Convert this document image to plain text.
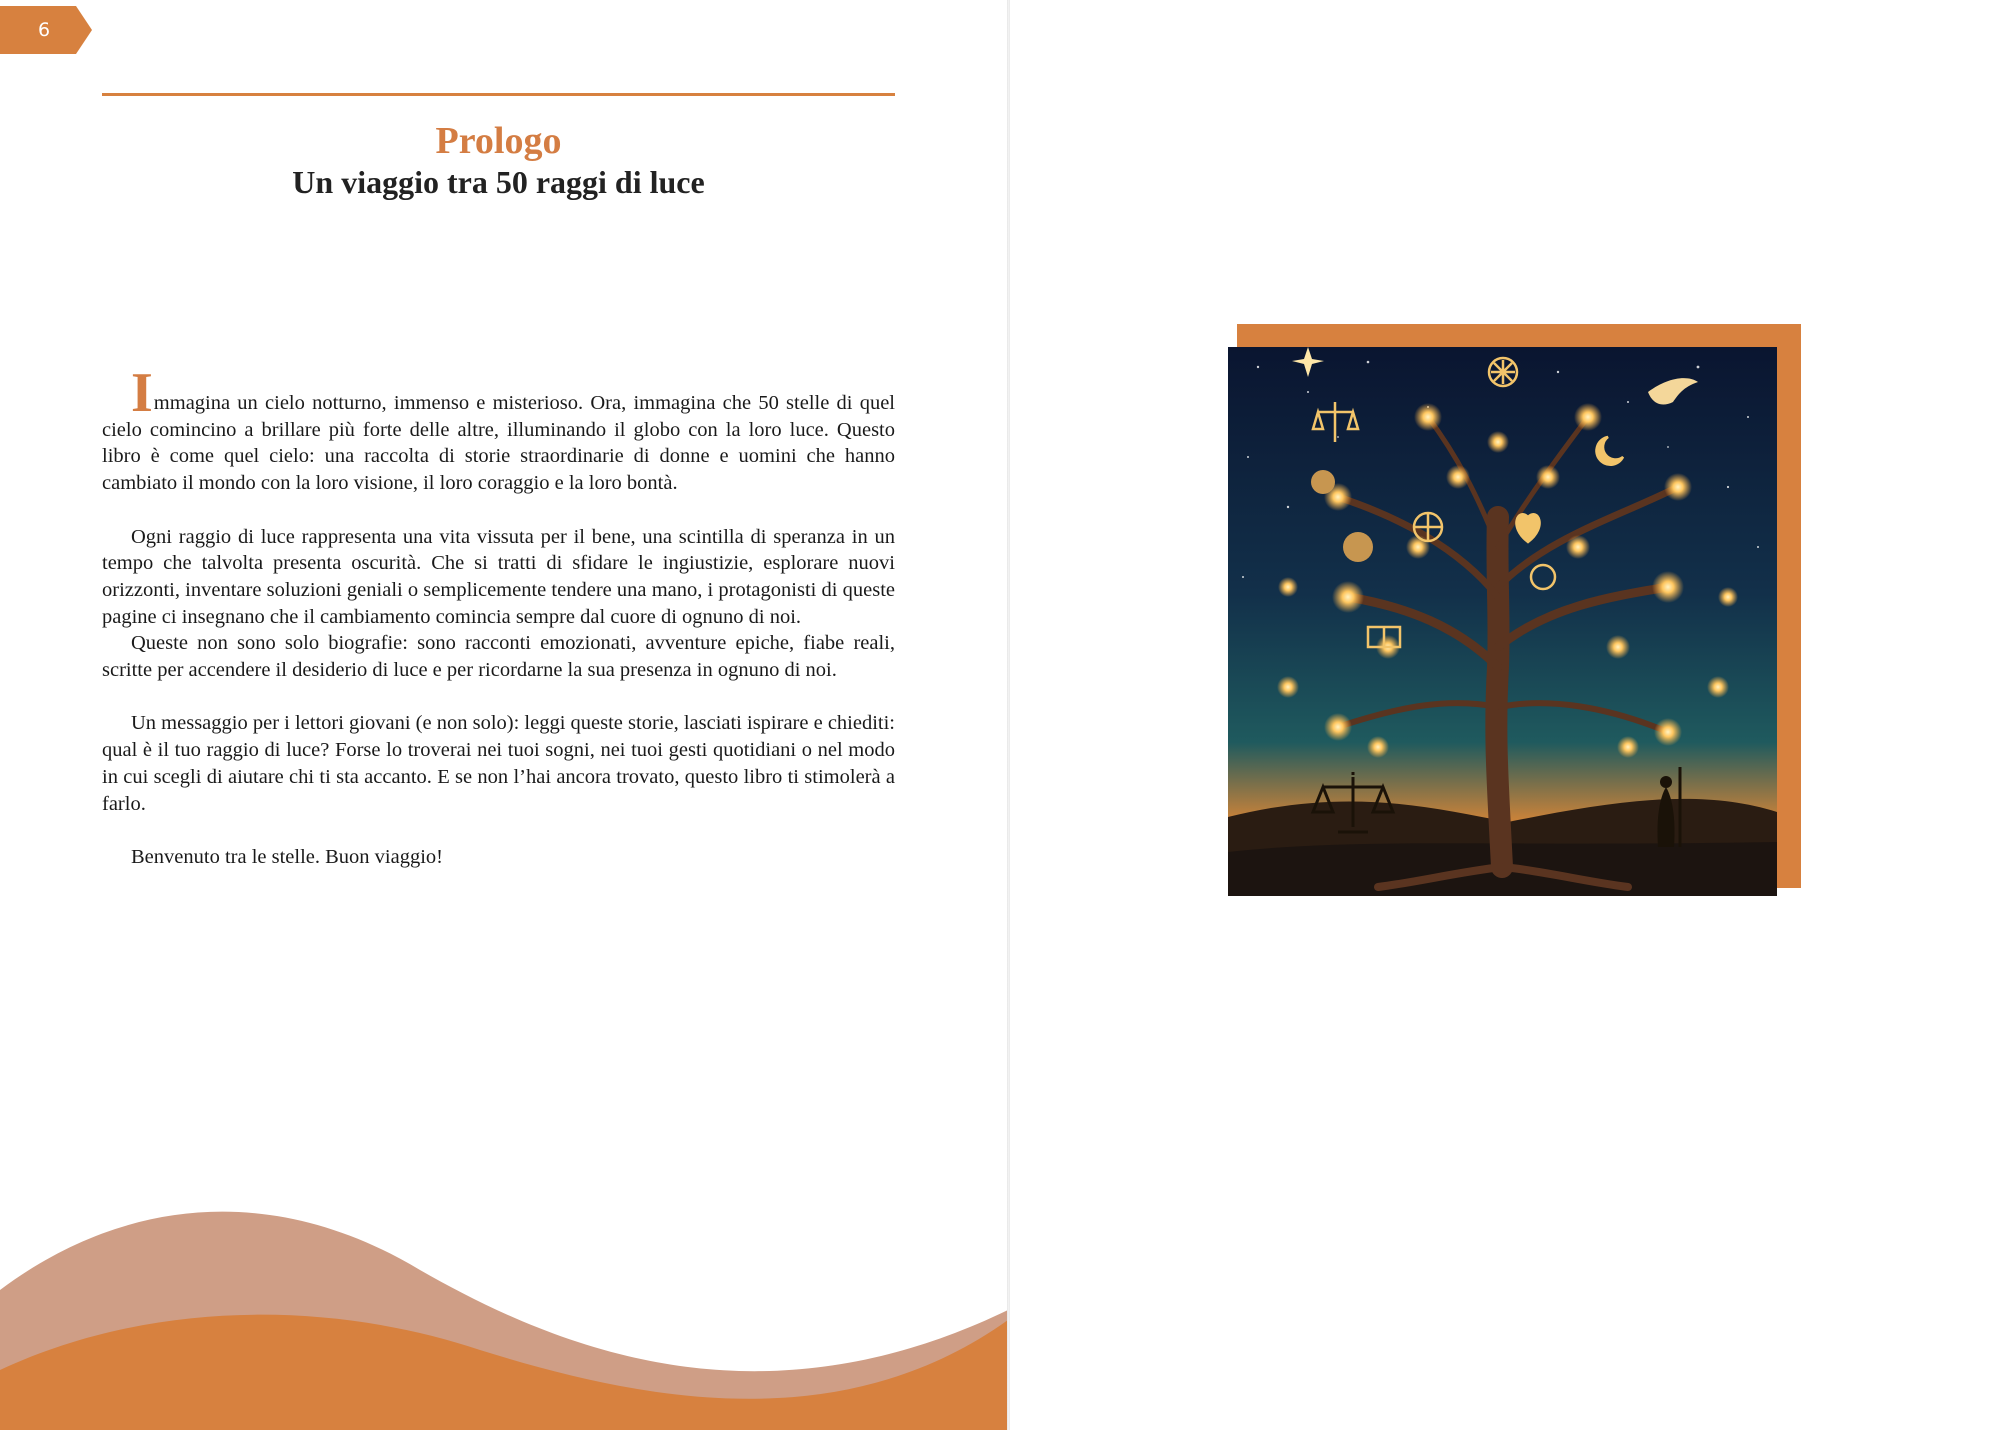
6
Prologo
Un viaggio tra 50 raggi di luce

Immagina un cielo notturno, immenso e misterioso. Ora, immagina che 50 stelle di quel cielo comincino a brillare più forte delle altre, illuminando il globo con la loro luce. Questo libro è come quel cielo: una raccolta di storie straordinarie di donne e uomini che hanno cambiato il mondo con la loro visione, il loro coraggio e la loro bontà.

Ogni raggio di luce rappresenta una vita vissuta per il bene, una scintilla di speranza in un tempo che talvolta presenta oscurità. Che si tratti di sfidare le ingiustizie, esplorare nuovi orizzonti, inventare soluzioni geniali o semplicemente tendere una mano, i protagonisti di queste pagine ci insegnano che il cambiamento comincia sempre dal cuore di ognuno di noi.

Queste non sono solo biografie: sono racconti emozionati, avventure epiche, fiabe reali, scritte per accendere il desiderio di luce e per ricordarne la sua presenza in ognuno di noi.

Un messaggio per i lettori giovani (e non solo): leggi queste storie, lasciati ispirare e chiediti: qual è il tuo raggio di luce? Forse lo troverai nei tuoi sogni, nei tuoi gesti quotidiani o nel modo in cui scegli di aiutare chi ti sta accanto. E se non l’hai ancora trovato, questo libro ti stimolerà a farlo.

Benvenuto tra le stelle. Buon viaggio!
